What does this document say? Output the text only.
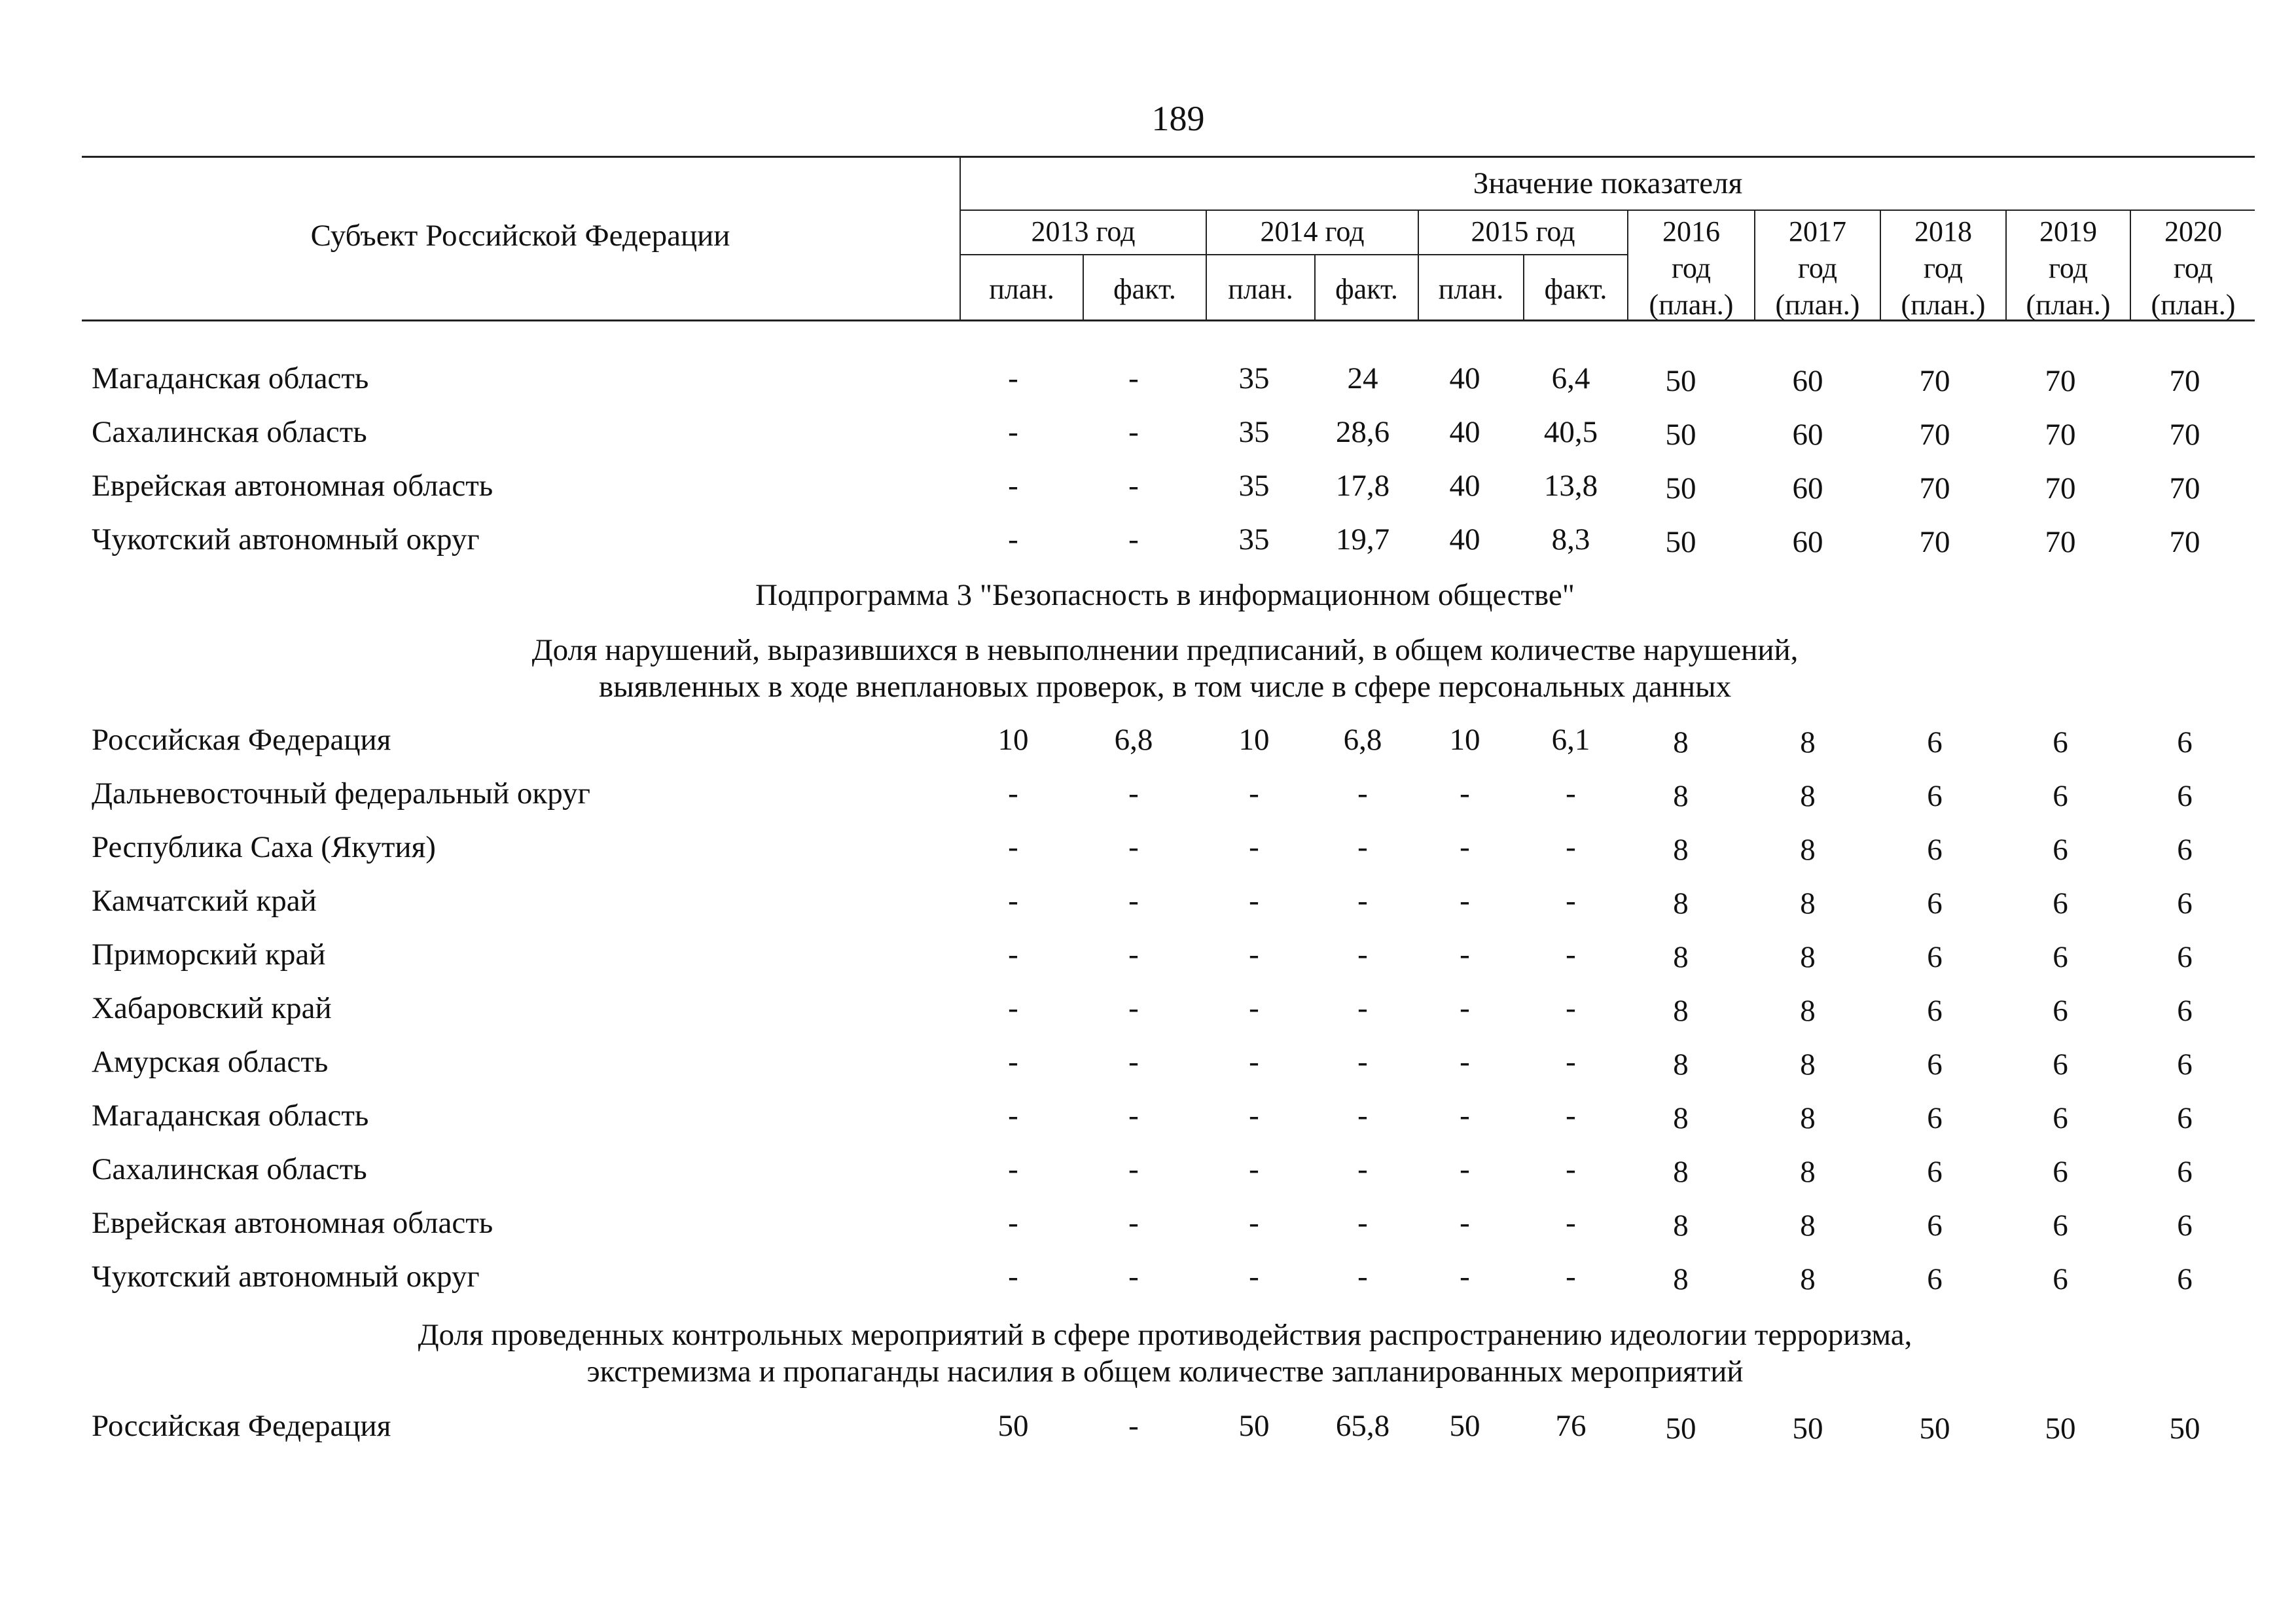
189
Субъект Российской Федерации
Значение показателя
2013 год	2014 год	2015 год
план.	факт.	план.	факт.	план.	факт.
2016
год
(план.)
2017
год
(план.)
2018
год
(план.)
2019
год
(план.)
2020
год
(план.)
Подпрограмма 3 "Безопасность в информационном обществе"
Доля нарушений, выразившихся в невыполнении предписаний, в общем количестве нарушений,
выявленных в ходе внеплановых проверок, в том числе в сфере персональных данных
Доля проведенных контрольных мероприятий в сфере противодействия распространению идеологии терроризма,
экстремизма и пропаганды насилия в общем количестве запланированных мероприятий
Магаданская область	-	-	35	24	40	6,4	50	60	70	70	70
Сахалинская область	-	-	35	28,6	40	40,5	50	60	70	70	70
Еврейская автономная область	-	-	35	17,8	40	13,8	50	60	70	70	70
Чукотский автономный округ	-	-	35	19,7	40	8,3	50	60	70	70	70
Российская Федерация	10	6,8	10	6,8	10	6,1	8	8	6	6	6
Дальневосточный федеральный округ	-	-	-	-	-	-	8	8	6	6	6
Республика Саха (Якутия)	-	-	-	-	-	-	8	8	6	6	6
Камчатский край	-	-	-	-	-	-	8	8	6	6	6
Приморский край	-	-	-	-	-	-	8	8	6	6	6
Хабаровский край	-	-	-	-	-	-	8	8	6	6	6
Амурская область	-	-	-	-	-	-	8	8	6	6	6
Магаданская область	-	-	-	-	-	-	8	8	6	6	6
Сахалинская область	-	-	-	-	-	-	8	8	6	6	6
Еврейская автономная область	-	-	-	-	-	-	8	8	6	6	6
Чукотский автономный округ	-	-	-	-	-	-	8	8	6	6	6
Российская Федерация	50	-	50	65,8	50	76	50	50	50	50	50
